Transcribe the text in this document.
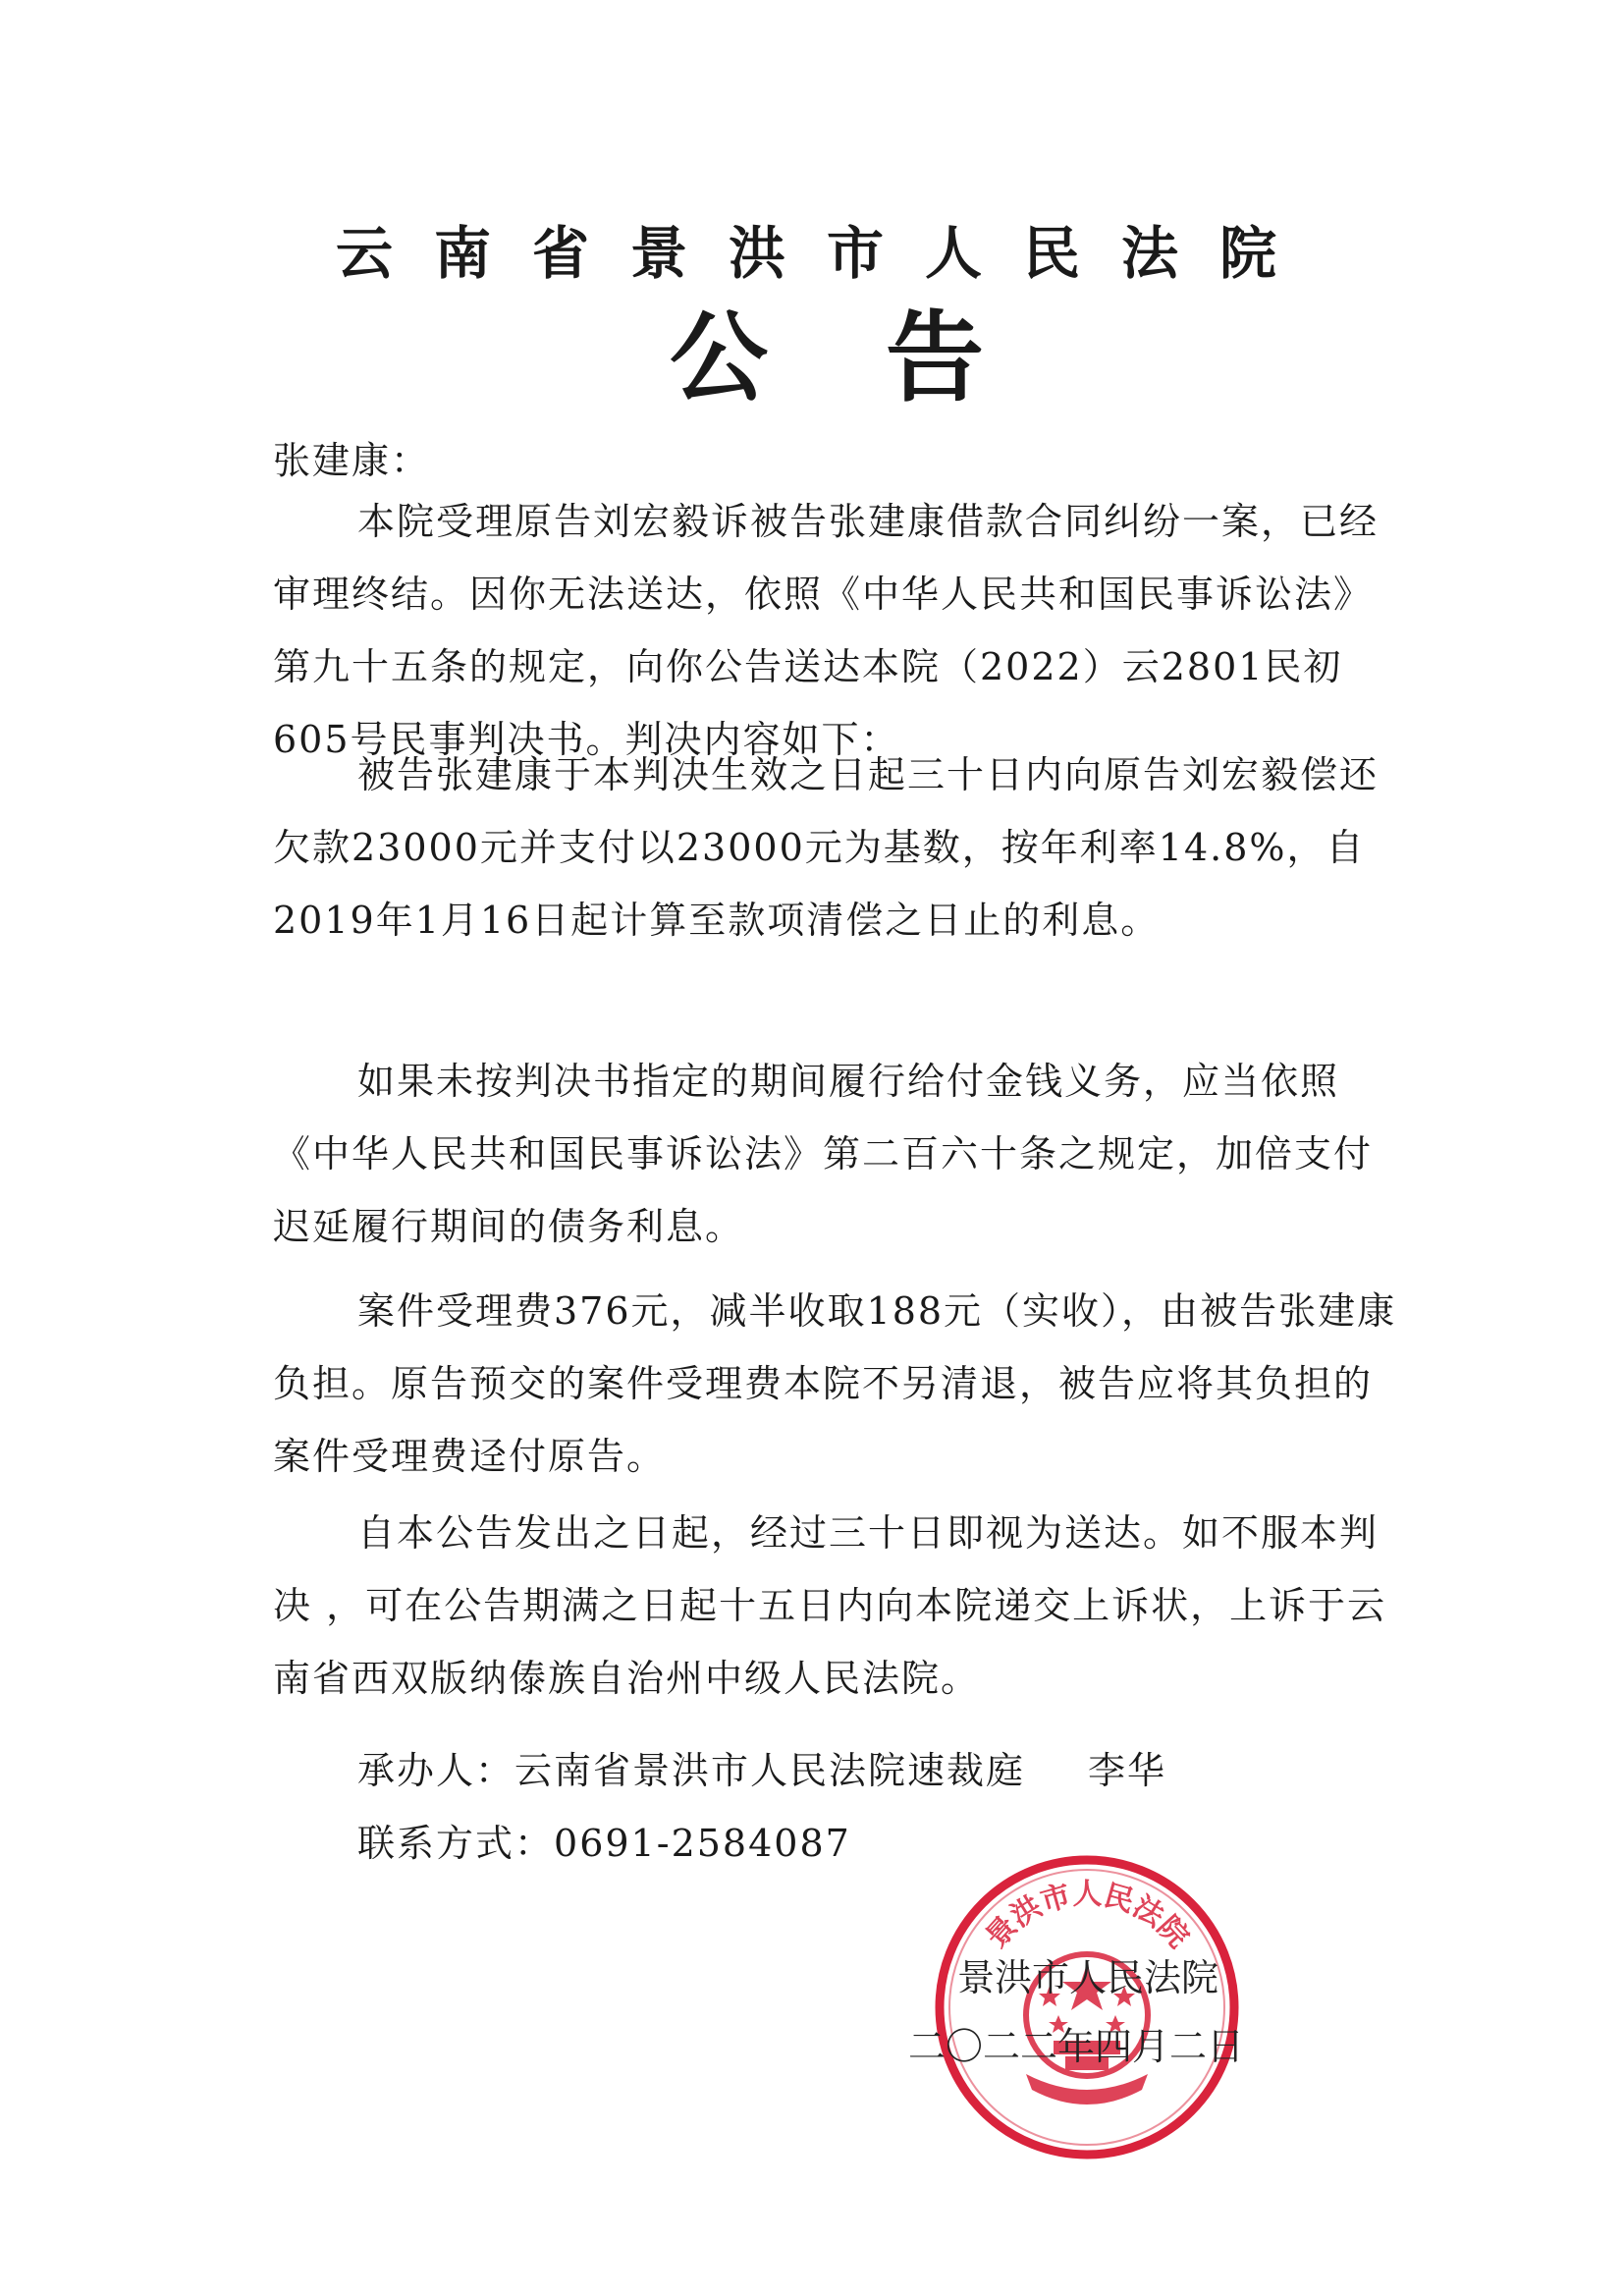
云南省景洪市人民法院
公告

张建康：

本院受理原告刘宏毅诉被告张建康借款合同纠纷一案，已经审理终结。因你无法送达，依照《中华人民共和国民事诉讼法》第九十五条的规定，向你公告送达本院（2022）云2801民初605号民事判决书。判决内容如下：

被告张建康于本判决生效之日起三十日内向原告刘宏毅偿还欠款23000元并支付以23000元为基数，按年利率14.8%，自2019年1月16日起计算至款项清偿之日止的利息。

如果未按判决书指定的期间履行给付金钱义务，应当依照《中华人民共和国民事诉讼法》第二百六十条之规定，加倍支付迟延履行期间的债务利息。

案件受理费376元，减半收取188元（实收），由被告张建康负担。原告预交的案件受理费本院不另清退，被告应将其负担的案件受理费迳付原告。

自本公告发出之日起，经过三十日即视为送达。如不服本判决 ，可在公告期满之日起十五日内向本院递交上诉状，上诉于云南省西双版纳傣族自治州中级人民法院。

承办人：云南省景洪市人民法院速裁庭 李华

联系方式：0691-2584087

景洪市人民法院
景洪市人民法院
二〇二二年四月二日
